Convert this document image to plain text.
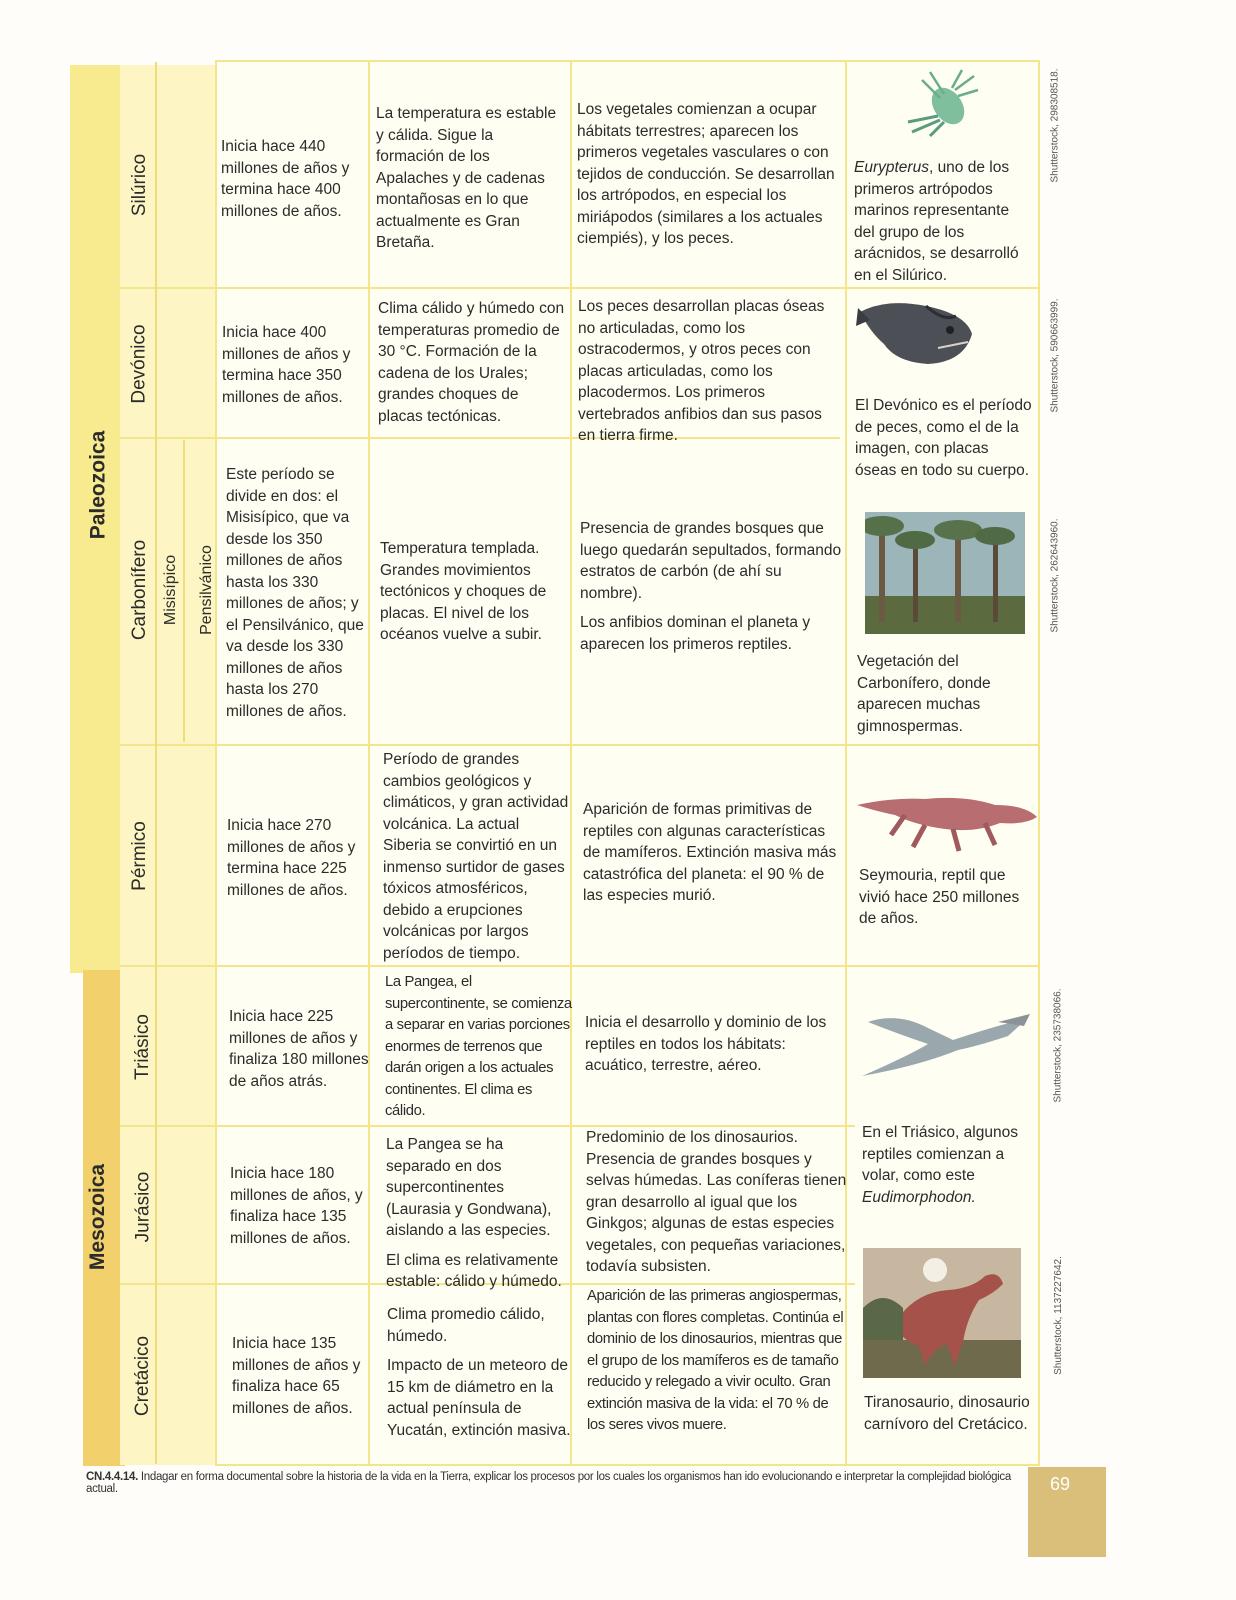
Paleozoica
Mesozoica
Silúrico
Devónico
Carbonífero Misisípico Pensilvánico
Pérmico
Triásico
Jurásico
Cretácico
Inicia hace 440 millones de años y termina hace 400 millones de años.
La temperatura es estable y cálida. Sigue la formación de los Apalaches y de cadenas montañosas en lo que actualmente es Gran Bretaña.
Los vegetales comienzan a ocupar hábitats terrestres; aparecen los primeros vegetales vasculares o con tejidos de conducción. Se desarrollan los artrópodos, en especial los miriápodos (similares a los actuales ciempiés), y los peces.
Eurypterus, uno de los primeros artrópodos marinos representante del grupo de los arácnidos, se desarrolló en el Silúrico.
Inicia hace 400 millones de años y termina hace 350 millones de años.
Clima cálido y húmedo con temperaturas promedio de 30 °C. Formación de la cadena de los Urales; grandes choques de placas tectónicas.
Los peces desarrollan placas óseas no articuladas, como los ostracodermos, y otros peces con placas articuladas, como los placodermos. Los primeros vertebrados anfibios dan sus pasos en tierra firme.
El Devónico es el período de peces, como el de la imagen, con placas óseas en todo su cuerpo.
Este período se divide en dos: el Misisípico, que va desde los 350 millones de años hasta los 330 millones de años; y el Pensilvánico, que va desde los 330 millones de años hasta los 270 millones de años.
Temperatura templada. Grandes movimientos tectónicos y choques de placas. El nivel de los océanos vuelve a subir.

Presencia de grandes bosques que luego quedarán sepultados, formando estratos de carbón (de ahí su nombre).

Los anfibios dominan el planeta y aparecen los primeros reptiles.

Vegetación del Carbonífero, donde aparecen muchas gimnospermas.
Inicia hace 270 millones de años y termina hace 225 millones de años.
Período de grandes cambios geológicos y climáticos, y gran actividad volcánica. La actual Siberia se convirtió en un inmenso surtidor de gases tóxicos atmosféricos, debido a erupciones volcánicas por largos períodos de tiempo.
Aparición de formas primitivas de reptiles con algunas características de mamíferos. Extinción masiva más catastrófica del planeta: el 90 % de las especies murió.
Seymouria, reptil que vivió hace 250 millones de años.
Inicia hace 225 millones de años y finaliza 180 millones de años atrás.
La Pangea, el supercontinente, se comienza a separar en varias porciones enormes de terrenos que darán origen a los actuales continentes. El clima es cálido.
Inicia el desarrollo y dominio de los reptiles en todos los hábitats: acuático, terrestre, aéreo.
En el Triásico, algunos reptiles comienzan a volar, como este Eudimorphodon.
Inicia hace 180 millones de años, y finaliza hace 135 millones de años.

La Pangea se ha separado en dos supercontinentes (Laurasia y Gondwana), aislando a las especies.

El clima es relativamente estable: cálido y húmedo.

Predominio de los dinosaurios. Presencia de grandes bosques y selvas húmedas. Las coníferas tienen gran desarrollo al igual que los Ginkgos; algunas de estas especies vegetales, con pequeñas variaciones, todavía subsisten.
Inicia hace 135 millones de años y finaliza hace 65 millones de años.

Clima promedio cálido, húmedo.

Impacto de un meteoro de 15 km de diámetro en la actual península de Yucatán, extinción masiva.

Aparición de las primeras angiospermas, plantas con flores completas. Continúa el dominio de los dinosaurios, mientras que el grupo de los mamíferos es de tamaño reducido y relegado a vivir oculto. Gran extinción masiva de la vida: el 70 % de los seres vivos muere.
Tiranosaurio, dinosaurio carnívoro del Cretácico.
Shutterstock, 298308518.
Shutterstock, 590663999.
Shutterstock, 262643960.
Shutterstock, 235738066.
Shutterstock, 1137227642.
CN.4.4.14. Indagar en forma documental sobre la historia de la vida en la Tierra, explicar los procesos por los cuales los organismos han ido evolucionando e interpretar la complejidad biológica actual.	69
